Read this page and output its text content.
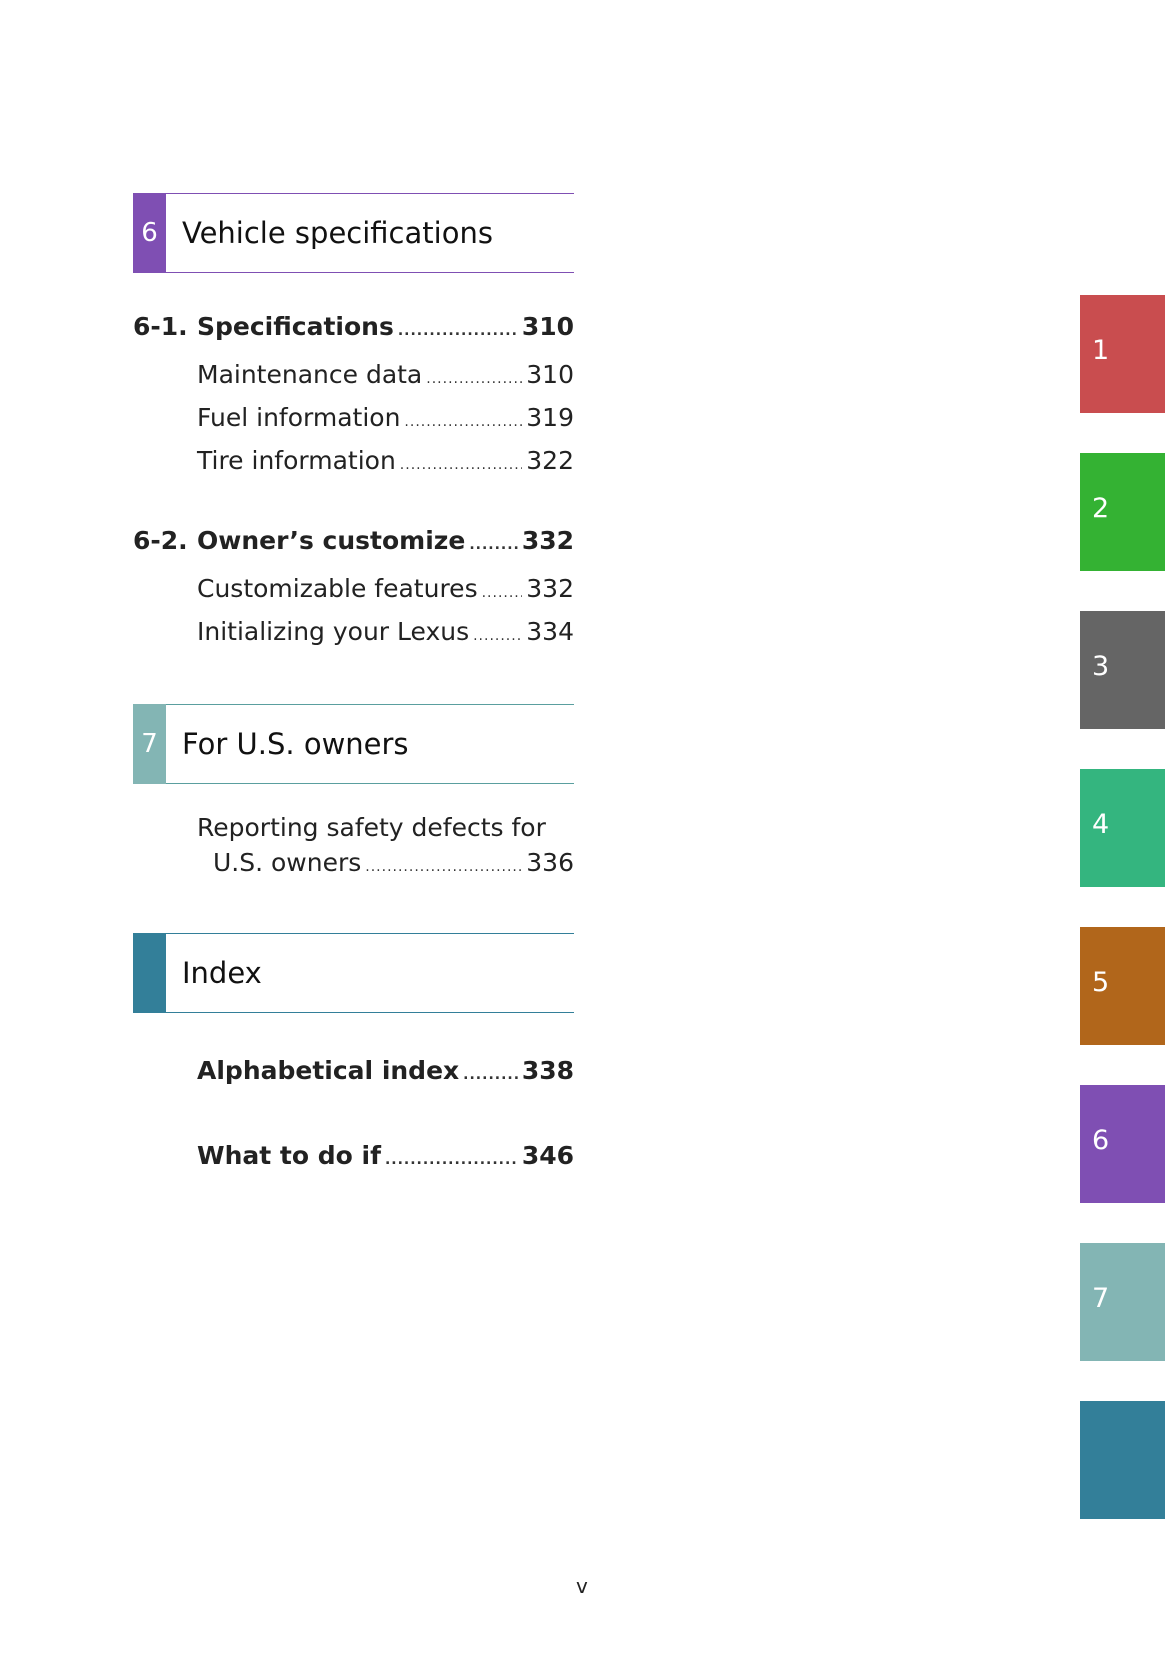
6 Vehicle specifications
6-1. Specifications .....	310
Maintenance data .....	310
Fuel information .....	319
Tire information .....	322
6-2. Owner’s customize ..... 332
Customizable features ..... 332
Initializing your Lexus ..... 334
7 For U.S. owners
Reporting safety defects for
U.S. owners .....	336
Index
Alphabetical index .....	338
What to do if .....	346
1
2
3
4
5
6
7
v
